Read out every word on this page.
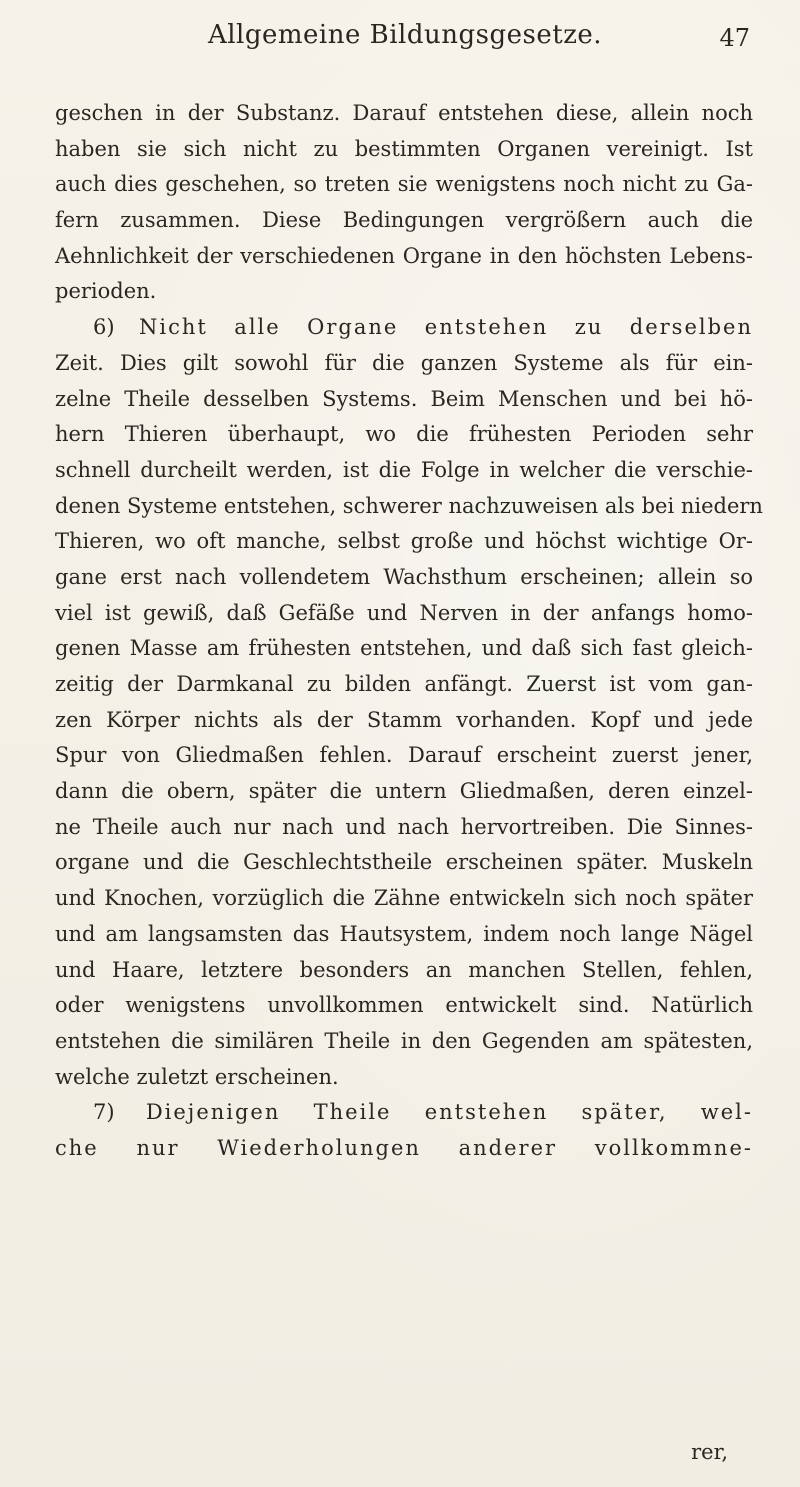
Allgemeine Bildungsgesetze.	47
geschen in der Substanz. Darauf entstehen diese, allein noch
haben sie sich nicht zu bestimmten Organen vereinigt. Ist
auch dies geschehen, so treten sie wenigstens noch nicht zu Ga-
fern zusammen. Diese Bedingungen vergrößern auch die
Aehnlichkeit der verschiedenen Organe in den höchsten Lebens-
perioden.
6) Nicht alle Organe entstehen zu derselben
Zeit. Dies gilt sowohl für die ganzen Systeme als für ein-
zelne Theile desselben Systems. Beim Menschen und bei hö-
hern Thieren überhaupt, wo die frühesten Perioden sehr
schnell durcheilt werden, ist die Folge in welcher die verschie-
denen Systeme entstehen, schwerer nachzuweisen als bei niedern
Thieren, wo oft manche, selbst große und höchst wichtige Or-
gane erst nach vollendetem Wachsthum erscheinen; allein so
viel ist gewiß, daß Gefäße und Nerven in der anfangs homo-
genen Masse am frühesten entstehen, und daß sich fast gleich-
zeitig der Darmkanal zu bilden anfängt. Zuerst ist vom gan-
zen Körper nichts als der Stamm vorhanden. Kopf und jede
Spur von Gliedmaßen fehlen. Darauf erscheint zuerst jener,
dann die obern, später die untern Gliedmaßen, deren einzel-
ne Theile auch nur nach und nach hervortreiben. Die Sinnes-
organe und die Geschlechtstheile erscheinen später. Muskeln
und Knochen, vorzüglich die Zähne entwickeln sich noch später
und am langsamsten das Hautsystem, indem noch lange Nägel
und Haare, letztere besonders an manchen Stellen, fehlen,
oder wenigstens unvollkommen entwickelt sind. Natürlich
entstehen die similären Theile in den Gegenden am spätesten,
welche zuletzt erscheinen.
7) Diejenigen Theile entstehen später, wel-
che nur Wiederholungen anderer vollkommne-
rer,
